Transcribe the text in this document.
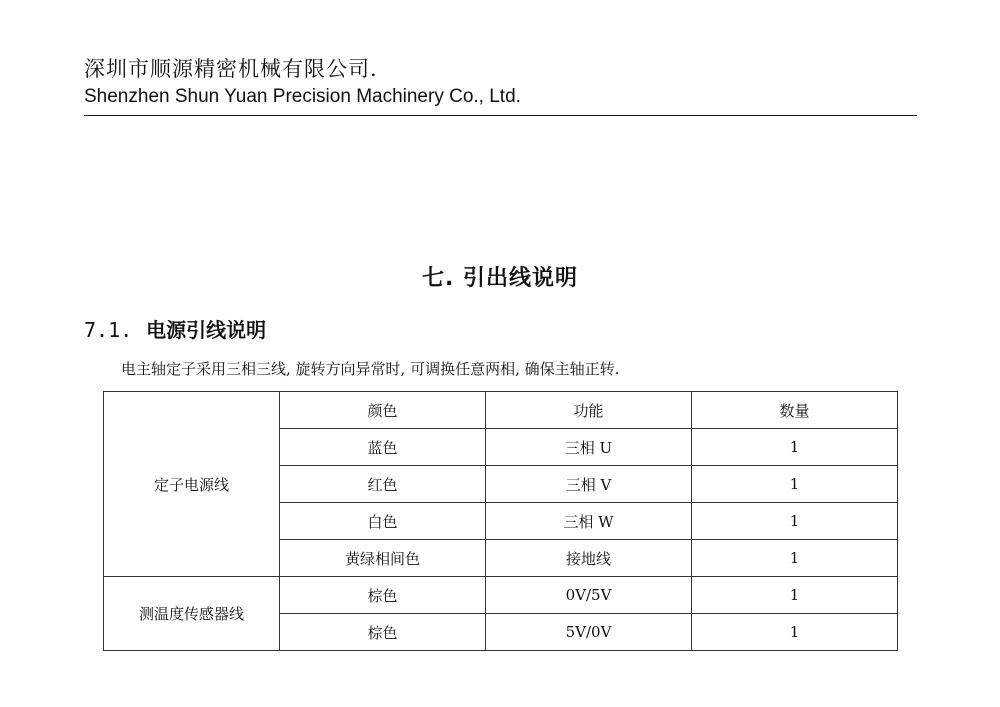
深圳市顺源精密机械有限公司.
Shenzhen Shun Yuan Precision Machinery Co., Ltd.
七. 引出线说明
7.1. 电源引线说明
电主轴定子采用三相三线, 旋转方向异常时, 可调换任意两相, 确保主轴正转.
定子电源线	颜色	功能	数量
	蓝色	三相 U	1
	红色	三相 V	1
	白色	三相 W	1
	黄绿相间色	接地线	1
测温度传感器线	棕色	0V/5V	1
	棕色	5V/0V	1
